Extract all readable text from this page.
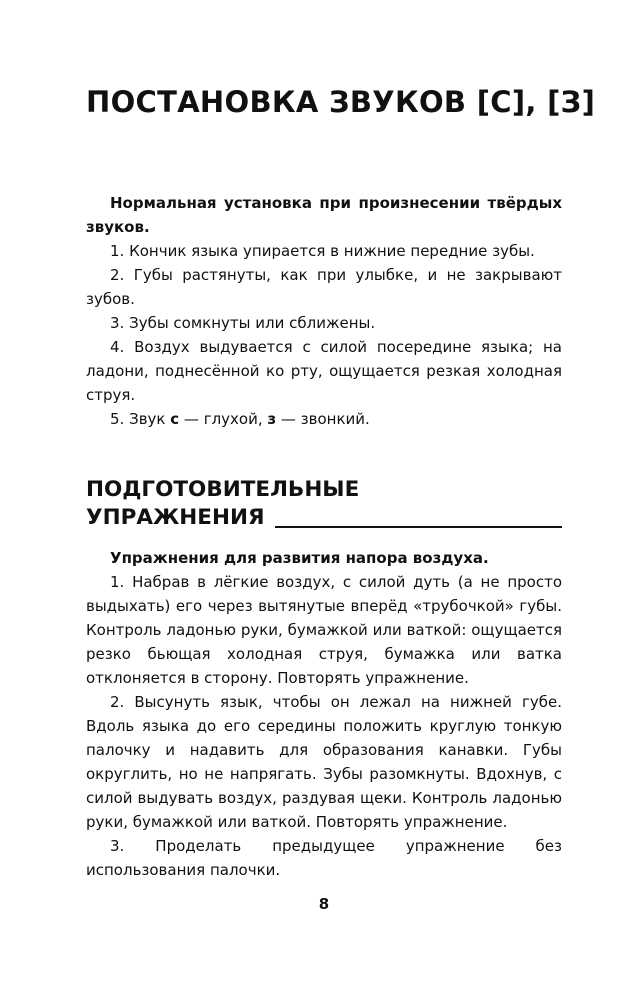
ПОСТАНОВКА ЗВУКОВ [С], [З]

Нормальная установка при произнесении твёрдых звуков.

1. Кончик языка упирается в нижние передние зубы.

2. Губы растянуты, как при улыбке, и не закрывают зубов.

3. Зубы сомкнуты или сближены.

4. Воздух выдувается с силой посередине языка; на ладони, поднесённой ко рту, ощущается резкая холодная струя.

5. Звук с — глухой, з — звонкий.

ПОДГОТОВИТЕЛЬНЫЕ
УПРАЖНЕНИЯ

Упражнения для развития напора воздуха.

1. Набрав в лёгкие воздух, с силой дуть (а не просто выдыхать) его через вытянутые вперёд «трубочкой» губы. Контроль ладонью руки, бумажкой или ваткой: ощущается резко бьющая холодная струя, бумажка или ватка отклоняется в сторону. Повторять упражнение.

2. Высунуть язык, чтобы он лежал на нижней губе. Вдоль языка до его середины положить круглую тонкую палочку и надавить для образования канавки. Губы округлить, но не напрягать. Зубы разомкнуты. Вдохнув, с силой выдувать воздух, раздувая щеки. Контроль ладонью руки, бумажкой или ваткой. Повторять упражнение.

3. Проделать предыдущее упражнение без использования палочки.

8
